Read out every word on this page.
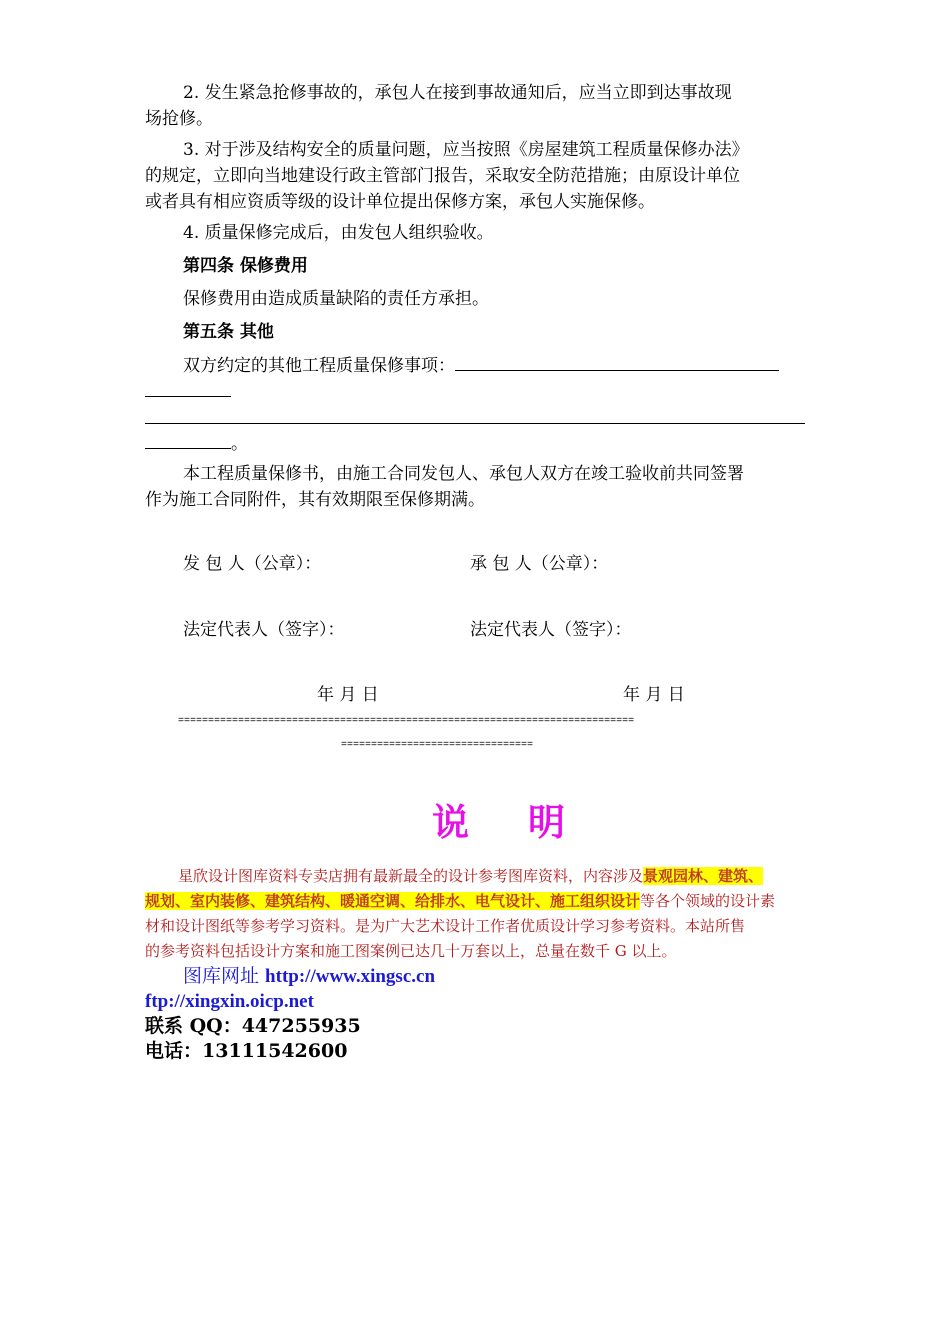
2. 发生紧急抢修事故的，承包人在接到事故通知后，应当立即到达事故现
场抢修。
3. 对于涉及结构安全的质量问题，应当按照《房屋建筑工程质量保修办法》
的规定，立即向当地建设行政主管部门报告，采取安全防范措施；由原设计单位
或者具有相应资质等级的设计单位提出保修方案，承包人实施保修。
4. 质量保修完成后，由发包人组织验收。
第四条 保修费用
保修费用由造成质量缺陷的责任方承担。
第五条 其他
双方约定的其他工程质量保修事项：
。
本工程质量保修书，由施工合同发包人、承包人双方在竣工验收前共同签署
作为施工合同附件，其有效期限至保修期满。
发 包 人（公章）：	承 包 人（公章）：
法定代表人（签字）：	法定代表人（签字）：
年 月 日	年 月 日
============================================================================
================================
说 明
星欣设计图库资料专卖店拥有最新最全的设计参考图库资料，内容涉及景观园林、建筑、
规划、室内装修、建筑结构、暖通空调、给排水、电气设计、施工组织设计等各个领域的设计素
材和设计图纸等参考学习资料。是为广大艺术设计工作者优质设计学习参考资料。本站所售
的参考资料包括设计方案和施工图案例已达几十万套以上，总量在数千 G 以上。
图库网址 http://www.xingsc.cn
ftp://xingxin.oicp.net
联系 QQ：447255935
电话：13111542600
